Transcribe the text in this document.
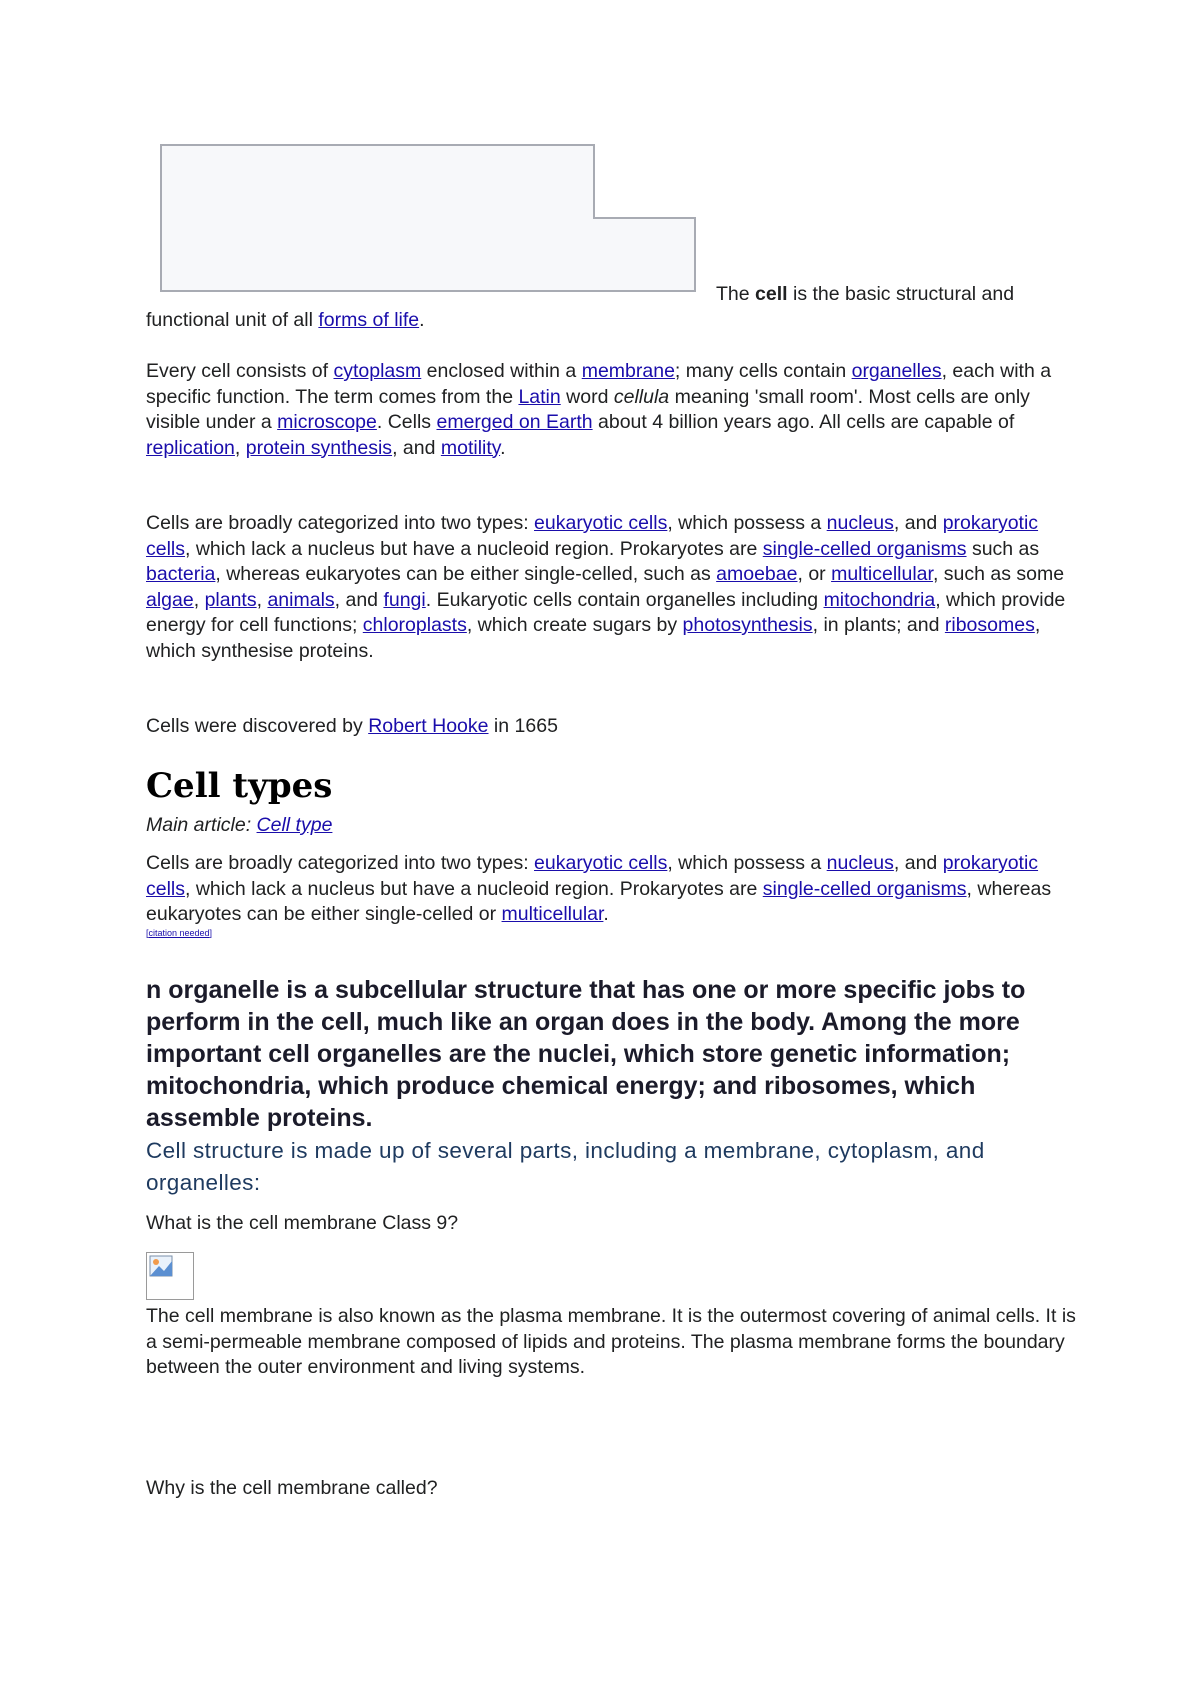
The cell is the basic structural and functional unit of all forms of life.

Every cell consists of cytoplasm enclosed within a membrane; many cells contain organelles, each with a specific function. The term comes from the Latin word cellula meaning 'small room'. Most cells are only visible under a microscope. Cells emerged on Earth about 4 billion years ago. All cells are capable of replication, protein synthesis, and motility.

Cells are broadly categorized into two types: eukaryotic cells, which possess a nucleus, and prokaryotic cells, which lack a nucleus but have a nucleoid region. Prokaryotes are single-celled organisms such as bacteria, whereas eukaryotes can be either single-celled, such as amoebae, or multicellular, such as some algae, plants, animals, and fungi. Eukaryotic cells contain organelles including mitochondria, which provide energy for cell functions; chloroplasts, which create sugars by photosynthesis, in plants; and ribosomes, which synthesise proteins.

Cells were discovered by Robert Hooke in 1665

Cell types

Main article: Cell type

Cells are broadly categorized into two types: eukaryotic cells, which possess a nucleus, and prokaryotic cells, which lack a nucleus but have a nucleoid region. Prokaryotes are single-celled organisms, whereas eukaryotes can be either single-celled or multicellular.
[citation needed]

n organelle is a subcellular structure that has one or more specific jobs to perform in the cell, much like an organ does in the body. Among the more important cell organelles are the nuclei, which store genetic information; mitochondria, which produce chemical energy; and ribosomes, which assemble proteins.

Cell structure is made up of several parts, including a membrane, cytoplasm, and organelles:

What is the cell membrane Class 9?

The cell membrane is also known as the plasma membrane. It is the outermost covering of animal cells. It is a semi-permeable membrane composed of lipids and proteins. The plasma membrane forms the boundary between the outer environment and living systems.

Why is the cell membrane called?
